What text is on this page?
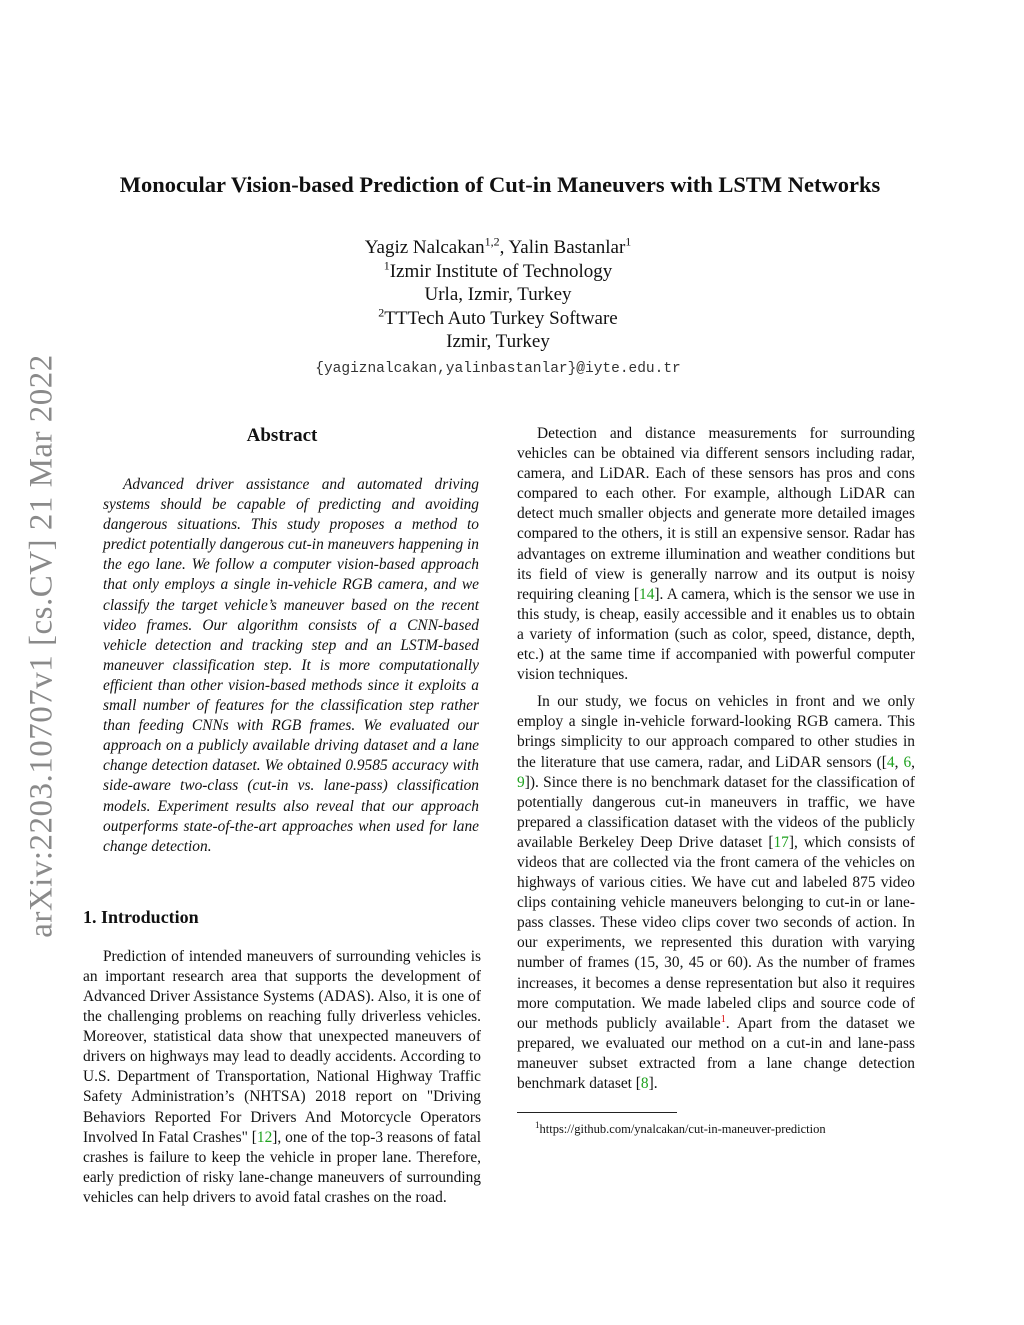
arXiv:2203.10707v1 [cs.CV] 21 Mar 2022
Monocular Vision-based Prediction of Cut-in Maneuvers with LSTM Networks
Yagiz Nalcakan$^{1,2}$, Yalin Bastanlar$^1$
$^1$Izmir Institute of Technology
Urla, Izmir, Turkey
$^2$TTTech Auto Turkey Software
Izmir, Turkey
{yagiznalcakan,yalinbastanlar}@iyte.edu.tr
Abstract

Advanced driver assistance and automated driving systems should be capable of predicting and avoiding dangerous situations. This study proposes a method to predict potentially dangerous cut-in maneuvers happening in the ego lane. We follow a computer vision-based approach that only employs a single in-vehicle RGB camera, and we classify the target vehicle’s maneuver based on the recent video frames. Our algorithm consists of a CNN-based vehicle detection and tracking step and an LSTM-based maneuver classification step. It is more computationally efficient than other vision-based methods since it exploits a small number of features for the classification step rather than feeding CNNs with RGB frames. We evaluated our approach on a publicly available driving dataset and a lane change detection dataset. We obtained 0.9585 accuracy with side-aware two-class (cut-in vs. lane-pass) classification models. Experiment results also reveal that our approach outperforms state-of-the-art approaches when used for lane change detection.

1. Introduction

Prediction of intended maneuvers of surrounding vehicles is an important research area that supports the development of Advanced Driver Assistance Systems (ADAS). Also, it is one of the challenging problems on reaching fully driverless vehicles. Moreover, statistical data show that unexpected maneuvers of drivers on highways may lead to deadly accidents. According to U.S. Department of Transportation, National Highway Traffic Safety Administration’s (NHTSA) 2018 report on "Driving Behaviors Reported For Drivers And Motorcycle Operators Involved In Fatal Crashes" [12], one of the top-3 reasons of fatal crashes is failure to keep the vehicle in proper lane. Therefore, early prediction of risky lane-change maneuvers of surrounding vehicles can help drivers to avoid fatal crashes on the road.

Detection and distance measurements for surrounding vehicles can be obtained via different sensors including radar, camera, and LiDAR. Each of these sensors has pros and cons compared to each other. For example, although LiDAR can detect much smaller objects and generate more detailed images compared to the others, it is still an expensive sensor. Radar has advantages on extreme illumination and weather conditions but its field of view is generally narrow and its output is noisy requiring cleaning [14]. A camera, which is the sensor we use in this study, is cheap, easily accessible and it enables us to obtain a variety of information (such as color, speed, distance, depth, etc.) at the same time if accompanied with powerful computer vision techniques.

In our study, we focus on vehicles in front and we only employ a single in-vehicle forward-looking RGB camera. This brings simplicity to our approach compared to other studies in the literature that use camera, radar, and LiDAR sensors ([4, 6, 9]). Since there is no benchmark dataset for the classification of potentially dangerous cut-in maneuvers in traffic, we have prepared a classification dataset with the videos of the publicly available Berkeley Deep Drive dataset [17], which consists of videos that are collected via the front camera of the vehicles on highways of various cities. We have cut and labeled 875 video clips containing vehicle maneuvers belonging to cut-in or lane-pass classes. These video clips cover two seconds of action. In our experiments, we represented this duration with varying number of frames (15, 30, 45 or 60). As the number of frames increases, it becomes a dense representation but also it requires more computation. We made labeled clips and source code of our methods publicly available$^1$. Apart from the dataset we prepared, we evaluated our method on a cut-in and lane-pass maneuver subset extracted from a lane change detection benchmark dataset [8].

$^1$https://github.com/ynalcakan/cut-in-maneuver-prediction
